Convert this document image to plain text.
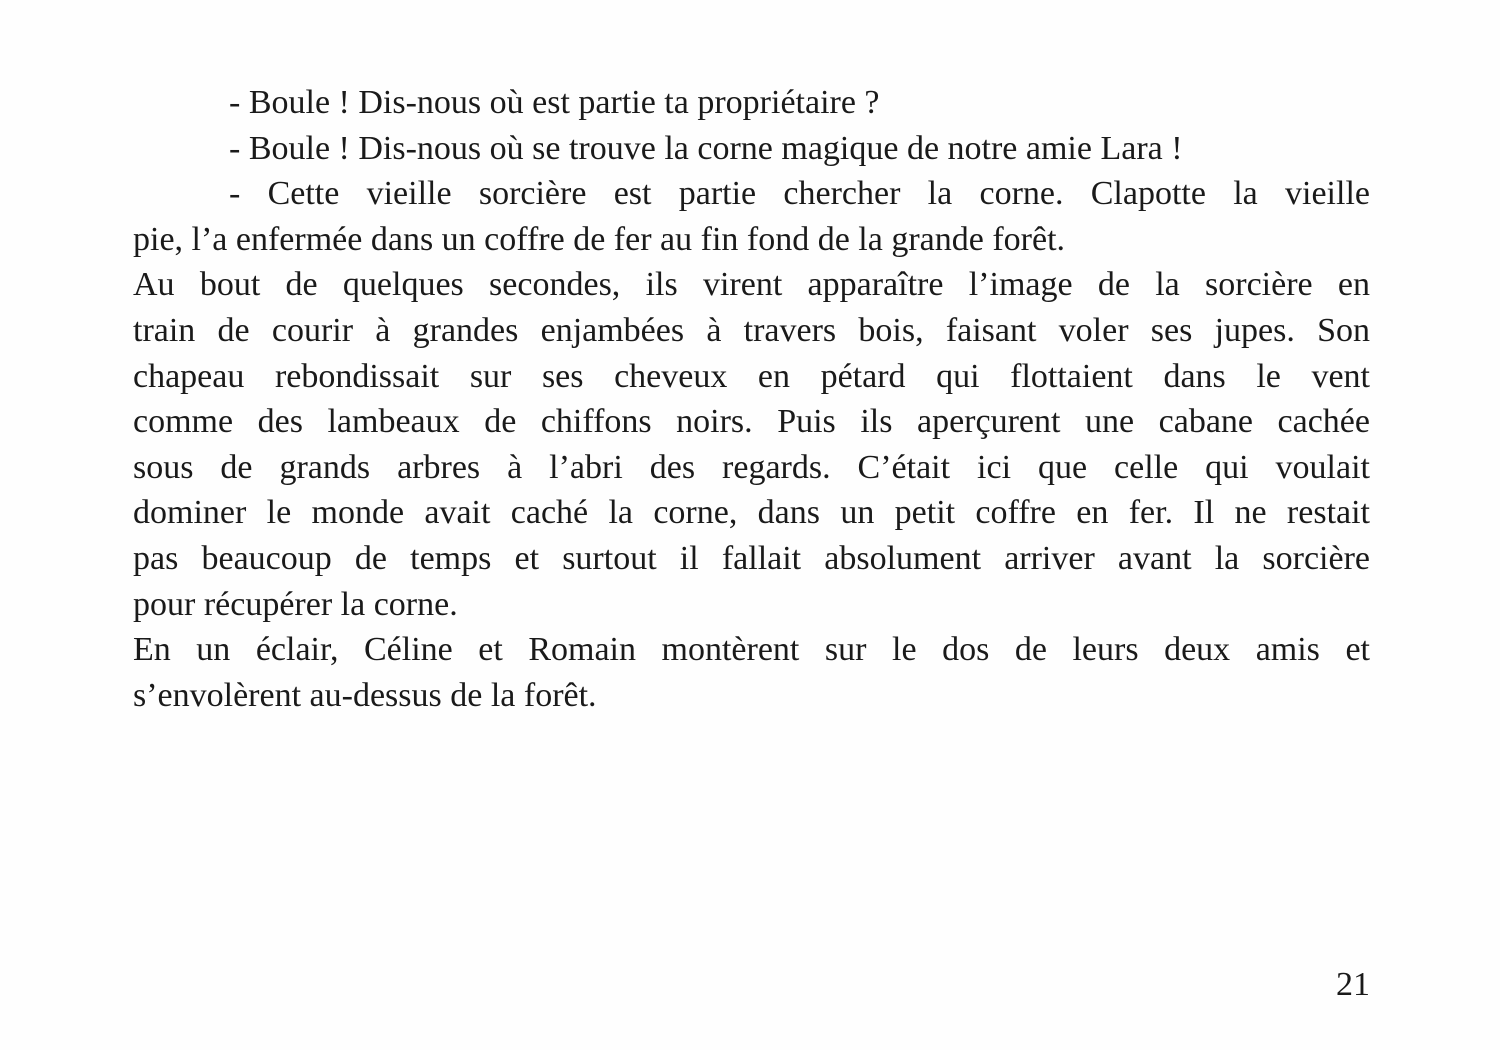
- Boule ! Dis-nous où est partie ta propriétaire ?
- Boule ! Dis-nous où se trouve la corne magique de notre amie Lara !
- Cette vieille sorcière est partie chercher la corne. Clapotte la vieille
pie, l’a enfermée dans un coffre de fer au fin fond de la grande forêt.
Au bout de quelques secondes, ils virent apparaître l’image de la sorcière en
train de courir à grandes enjambées à travers bois, faisant voler ses jupes. Son
chapeau rebondissait sur ses cheveux en pétard qui flottaient dans le vent
comme des lambeaux de chiffons noirs. Puis ils aperçurent une cabane cachée
sous de grands arbres à l’abri des regards. C’était ici que celle qui voulait
dominer le monde avait caché la corne, dans un petit coffre en fer. Il ne restait
pas beaucoup de temps et surtout il fallait absolument arriver avant la sorcière
pour récupérer la corne.
En un éclair, Céline et Romain montèrent sur le dos de leurs deux amis et
s’envolèrent au-dessus de la forêt.
21
